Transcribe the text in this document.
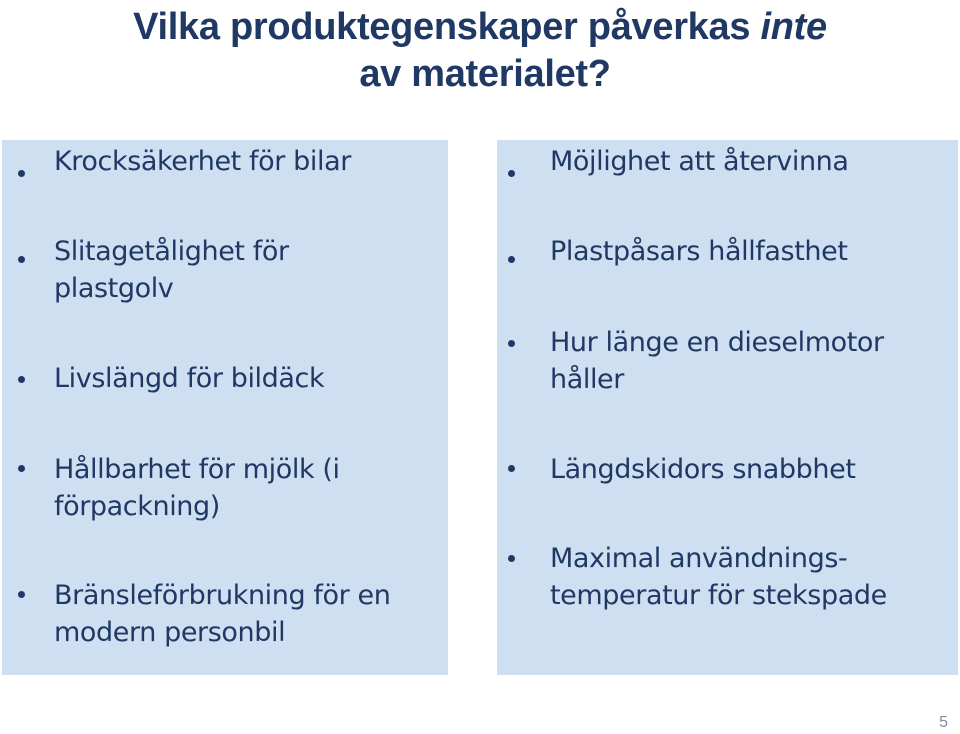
Vilka produktegenskaper påverkas inte
av materialet?
Krocksäkerhet för bilar
Slitagetålighet för plastgolv
Livslängd för bildäck
Hållbarhet för mjölk (i förpackning)
Bränsleförbrukning för en modern personbil
Möjlighet att återvinna
Plastpåsars hållfasthet
Hur länge en dieselmotor håller
Längdskidors snabbhet
Maximal användnings-temperatur för stekspade
5
